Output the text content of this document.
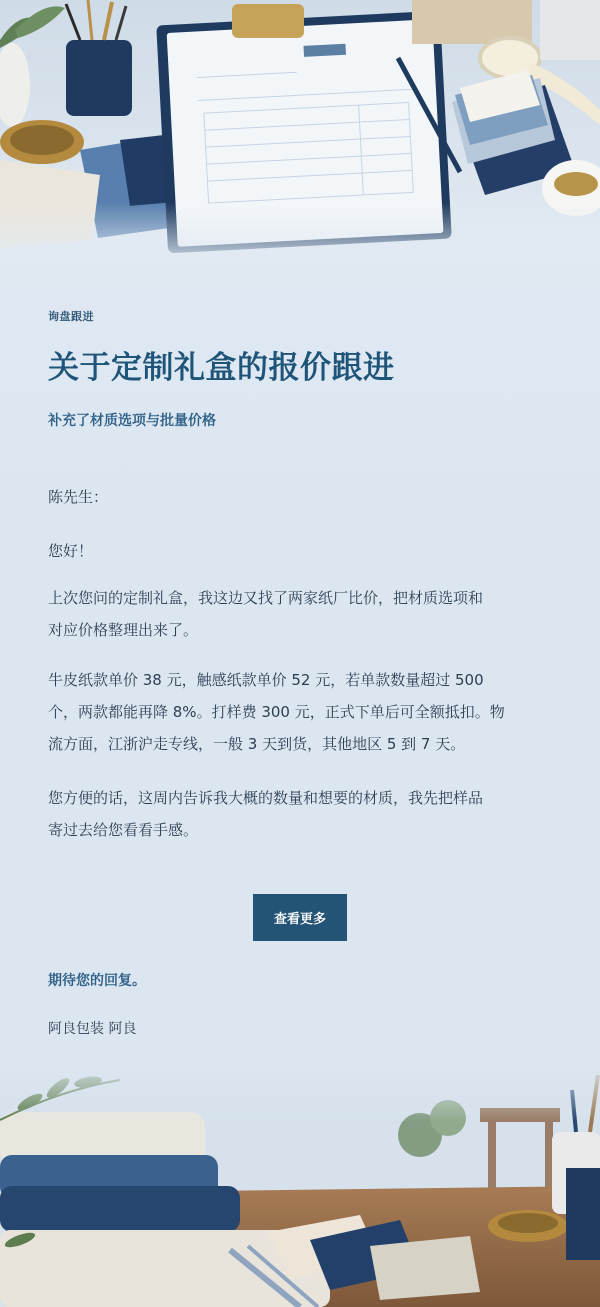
询盘跟进
关于定制礼盒的报价跟进
补充了材质选项与批量价格
陈先生：
您好！
上次您问的定制礼盒，我这边又找了两家纸厂比价，把材质选项和
对应价格整理出来了。
牛皮纸款单价 38 元，触感纸款单价 52 元，若单款数量超过 500
个，两款都能再降 8%。打样费 300 元，正式下单后可全额抵扣。物
流方面，江浙沪走专线，一般 3 天到货，其他地区 5 到 7 天。
您方便的话，这周内告诉我大概的数量和想要的材质，我先把样品
寄过去给您看看手感。
查看更多
期待您的回复。
阿良包装 阿良
